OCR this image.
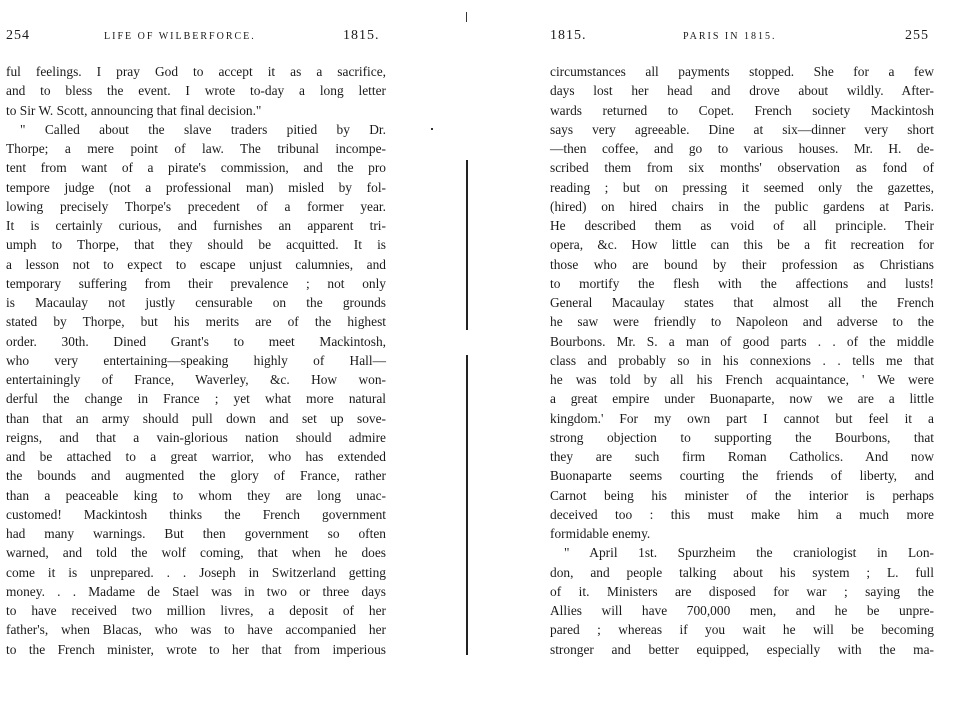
254	LIFE OF WILBERFORCE.	1815.
ful feelings. I pray God to accept it as a sacrifice,
and to bless the event. I wrote to-day a long letter
to Sir W. Scott, announcing that final decision."
" Called about the slave traders pitied by Dr.
Thorpe; a mere point of law. The tribunal incompe-
tent from want of a pirate's commission, and the pro
tempore judge (not a professional man) misled by fol-
lowing precisely Thorpe's precedent of a former year.
It is certainly curious, and furnishes an apparent tri-
umph to Thorpe, that they should be acquitted. It is
a lesson not to expect to escape unjust calumnies, and
temporary suffering from their prevalence ; not only
is Macaulay not justly censurable on the grounds
stated by Thorpe, but his merits are of the highest
order. 30th. Dined Grant's to meet Mackintosh,
who very entertaining—speaking highly of Hall—
entertainingly of France, Waverley, &c. How won-
derful the change in France ; yet what more natural
than that an army should pull down and set up sove-
reigns, and that a vain-glorious nation should admire
and be attached to a great warrior, who has extended
the bounds and augmented the glory of France, rather
than a peaceable king to whom they are long unac-
customed! Mackintosh thinks the French government
had many warnings. But then government so often
warned, and told the wolf coming, that when he does
come it is unprepared. . . Joseph in Switzerland getting
money. . . Madame de Stael was in two or three days
to have received two million livres, a deposit of her
father's, when Blacas, who was to have accompanied her
to the French minister, wrote to her that from imperious
1815.	PARIS IN 1815.	255
circumstances all payments stopped. She for a few
days lost her head and drove about wildly. After-
wards returned to Copet. French society Mackintosh
says very agreeable. Dine at six—dinner very short
—then coffee, and go to various houses. Mr. H. de-
scribed them from six months' observation as fond of
reading ; but on pressing it seemed only the gazettes,
(hired) on hired chairs in the public gardens at Paris.
He described them as void of all principle. Their
opera, &c. How little can this be a fit recreation for
those who are bound by their profession as Christians
to mortify the flesh with the affections and lusts!
General Macaulay states that almost all the French
he saw were friendly to Napoleon and adverse to the
Bourbons. Mr. S. a man of good parts . . of the middle
class and probably so in his connexions . . tells me that
he was told by all his French acquaintance, ' We were
a great empire under Buonaparte, now we are a little
kingdom.' For my own part I cannot but feel it a
strong objection to supporting the Bourbons, that
they are such firm Roman Catholics. And now
Buonaparte seems courting the friends of liberty, and
Carnot being his minister of the interior is perhaps
deceived too : this must make him a much more
formidable enemy.
" April 1st. Spurzheim the craniologist in Lon-
don, and people talking about his system ; L. full
of it. Ministers are disposed for war ; saying the
Allies will have 700,000 men, and he be unpre-
pared ; whereas if you wait he will be becoming
stronger and better equipped, especially with the ma-
